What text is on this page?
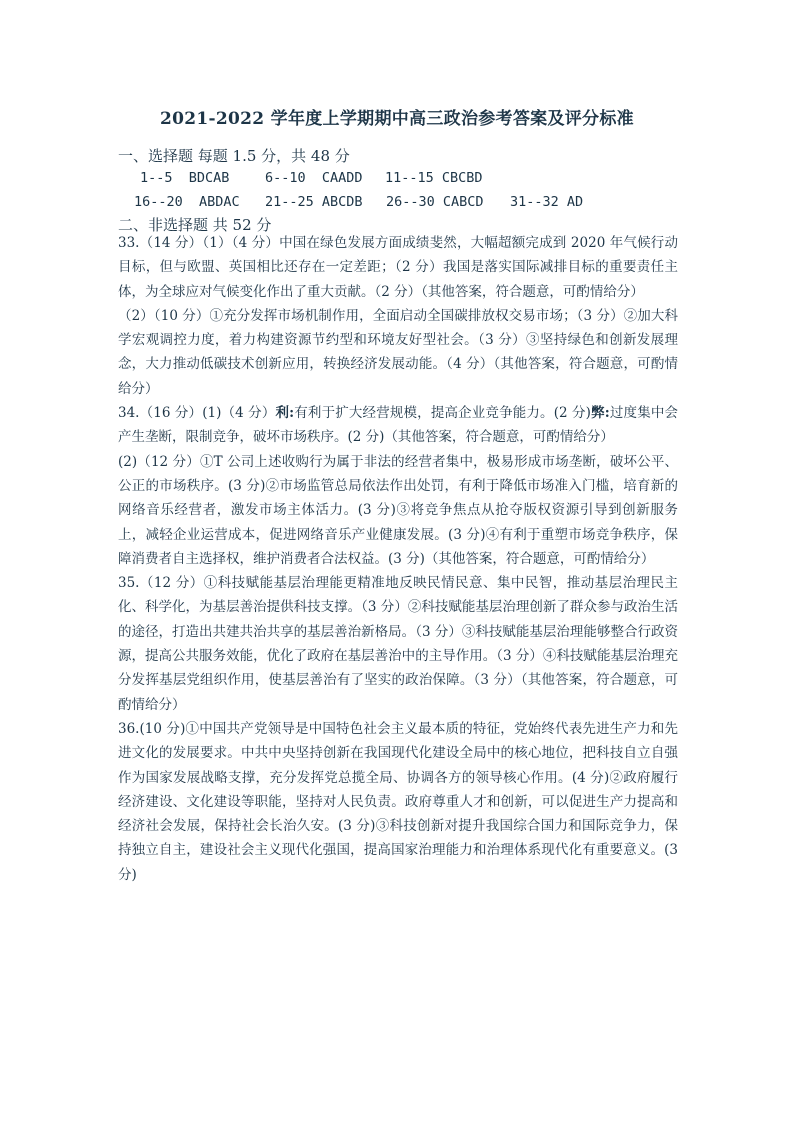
2021-2022 学年度上学期期中高三政治参考答案及评分标准
一、选择题 每题 1.5 分，共 48 分
1--5  BDCAB	6--10  CAADD 11--15 CBCBD
16--20  ABDAC 21--25 ABCDB 26--30 CABCD 31--32 AD
二、非选择题 共 52 分

33.（14 分）（1）（4 分）中国在绿色发展方面成绩斐然，大幅超额完成到 2020 年气候行动目标，但与欧盟、英国相比还存在一定差距；（2 分）我国是落实国际减排目标的重要责任主体，为全球应对气候变化作出了重大贡献。（2 分）（其他答案，符合题意，可酌情给分）

（2）（10 分）①充分发挥市场机制作用，全面启动全国碳排放权交易市场；（3 分）②加大科学宏观调控力度，着力构建资源节约型和环境友好型社会。（3 分）③坚持绿色和创新发展理念，大力推动低碳技术创新应用，转换经济发展动能。（4 分）（其他答案，符合题意，可酌情给分）

34.（16 分）(1)（4 分）利:有利于扩大经营规模，提高企业竞争能力。(2 分)弊:过度集中会产生垄断，限制竞争，破坏市场秩序。(2 分)（其他答案，符合题意，可酌情给分）

(2)（12 分）①T 公司上述收购行为属于非法的经营者集中，极易形成市场垄断，破坏公平、公正的市场秩序。(3 分)②市场监管总局依法作出处罚，有利于降低市场准入门槛，培育新的网络音乐经营者，激发市场主体活力。(3 分)③将竞争焦点从抢夺版权资源引导到创新服务上，减轻企业运营成本，促进网络音乐产业健康发展。(3 分)④有利于重塑市场竞争秩序，保障消费者自主选择权，维护消费者合法权益。(3 分)（其他答案，符合题意，可酌情给分）

35.（12 分）①科技赋能基层治理能更精准地反映民情民意、集中民智，推动基层治理民主化、科学化，为基层善治提供科技支撑。（3 分）②科技赋能基层治理创新了群众参与政治生活的途径，打造出共建共治共享的基层善治新格局。（3 分）③科技赋能基层治理能够整合行政资源，提高公共服务效能，优化了政府在基层善治中的主导作用。（3 分）④科技赋能基层治理充分发挥基层党组织作用，使基层善治有了坚实的政治保障。（3 分）（其他答案，符合题意，可酌情给分）

36.(10 分)①中国共产党领导是中国特色社会主义最本质的特征，党始终代表先进生产力和先进文化的发展要求。中共中央坚持创新在我国现代化建设全局中的核心地位，把科技自立自强作为国家发展战略支撑，充分发挥党总揽全局、协调各方的领导核心作用。(4 分)②政府履行经济建设、文化建设等职能，坚持对人民负责。政府尊重人才和创新，可以促进生产力提高和经济社会发展，保持社会长治久安。(3 分)③科技创新对提升我国综合国力和国际竞争力，保持独立自主，建设社会主义现代化强国，提高国家治理能力和治理体系现代化有重要意义。(3 分)
